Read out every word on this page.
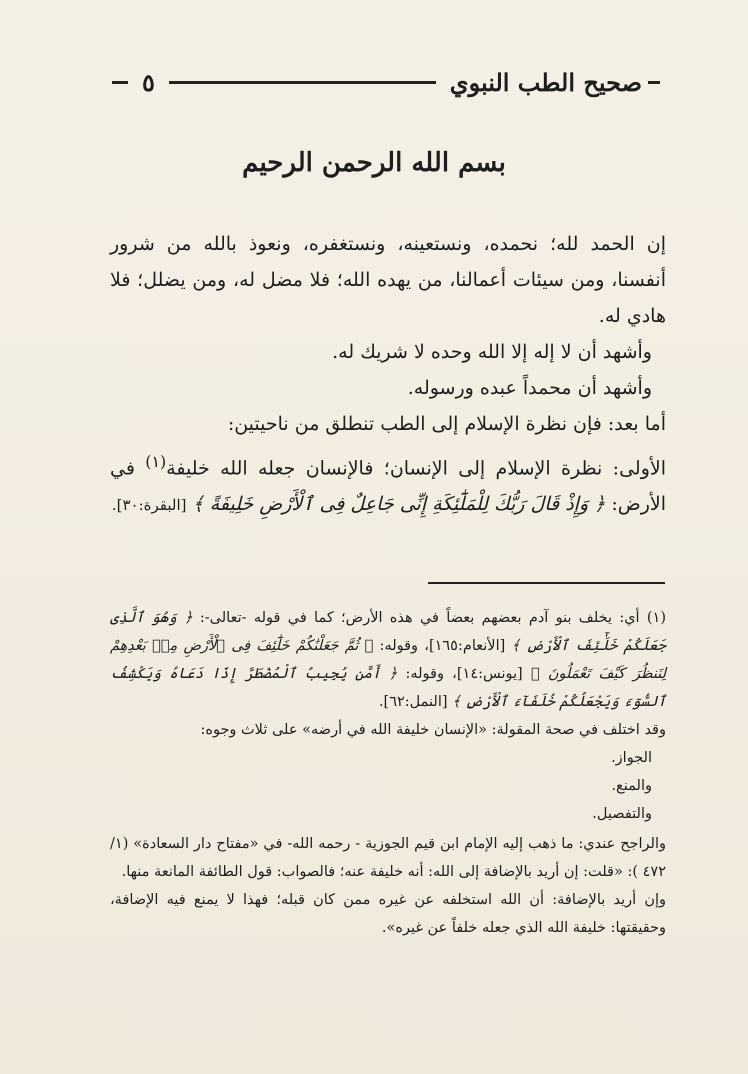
صحيح الطب النبوي
٥
بسم الله الرحمن الرحيم

إن الحمد لله؛ نحمده، ونستعينه، ونستغفره، ونعوذ بالله من شرور أنفسنا، ومن سيئات أعمالنا، من يهده الله؛ فلا مضل له، ومن يضلل؛ فلا هادي له.

وأشهد أن لا إله إلا الله وحده لا شريك له.

وأشهد أن محمداً عبده ورسوله.

أما بعد: فإن نظرة الإسلام إلى الطب تنطلق من ناحيتين:

الأولى: نظرة الإسلام إلى الإنسان؛ فالإنسان جعله الله خليفة$^{(١)}$ في الأرض: ﴿ وَإِذْ قَالَ رَبُّكَ لِلْمَلَٰٓئِكَةِ إِنِّى جَاعِلٌ فِى ٱلْأَرْضِ خَلِيفَةً ﴾ [البقرة:٣٠].

(١) أي: يخلف بنو آدم بعضهم بعضاً في هذه الأرض؛ كما في قوله -تعالى-: ﴿ وَهُوَ ٱلَّذِى جَعَلَكُمْ خَلَٰٓئِفَ ٱلْأَرْضِ ﴾ [الأنعام:١٦٥]، وقوله: ﴿ ثُمَّ جَعَلْنَٰكُمْ خَلَٰٓئِفَ فِى ٱلْأَرْضِ مِنۢ بَعْدِهِمْ لِنَنظُرَ كَيْفَ تَعْمَلُونَ ﴾ [يونس:١٤]، وقوله: ﴿ أَمَّن يُجِيبُ ٱلْمُضْطَرَّ إِذَا دَعَاهُ وَيَكْشِفُ ٱلسُّوٓءَ وَيَجْعَلُكُمْ خُلَفَآءَ ٱلْأَرْضِ ﴾ [النمل:٦٢].

وقد اختلف في صحة المقولة: «الإنسان خليفة الله في أرضه» على ثلاث وجوه:

الجواز.

والمنع.

والتفصيل.

والراجح عندي: ما ذهب إليه الإمام ابن قيم الجوزية - رحمه الله- في «مفتاح دار السعادة» (١/ ٤٧٢ ): «قلت: إن أريد بالإضافة إلى الله: أنه خليفة عنه؛ فالصواب: قول الطائفة المانعة منها.

وإن أريد بالإضافة: أن الله استخلفه عن غيره ممن كان قبله؛ فهذا لا يمنع فيه الإضافة، وحقيقتها: خليفة الله الذي جعله خلفاً عن غيره».
